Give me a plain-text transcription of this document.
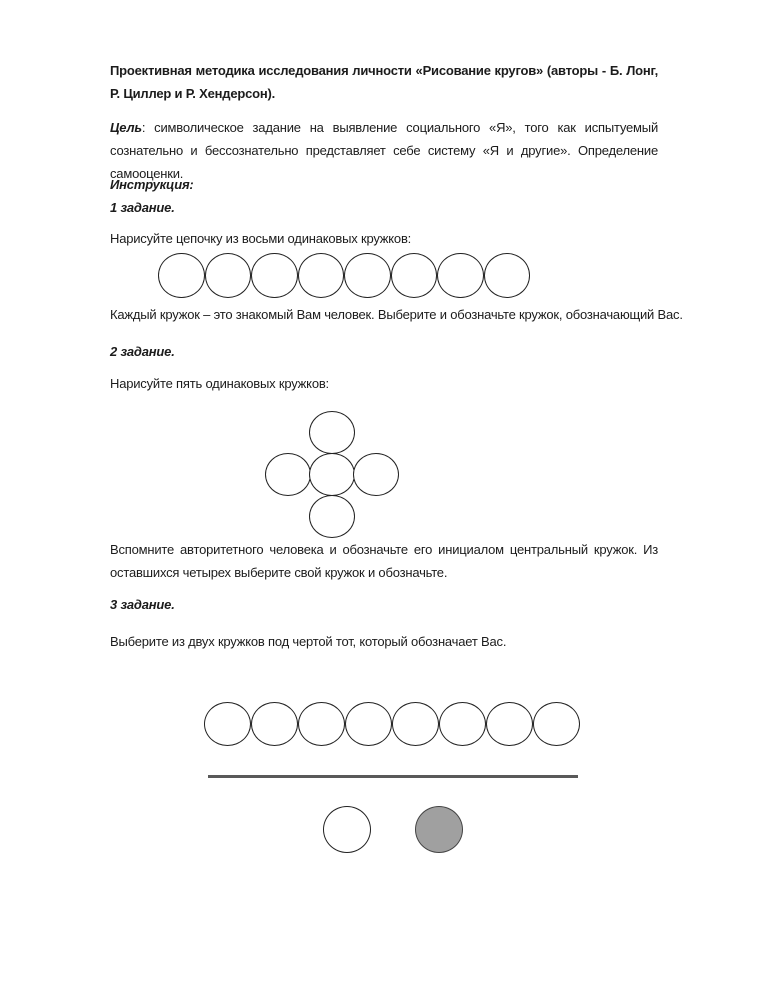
Проективная методика исследования личности «Рисование кругов» (авторы - Б. Лонг, Р. Циллер и Р. Хендерсон).

Цель: символическое задание на выявление социального «Я», того как испытуемый сознательно и бессознательно представляет себе систему «Я и другие». Определение самооценки.

Инструкция:

1 задание.

Нарисуйте цепочку из восьми одинаковых кружков:

Каждый кружок – это знакомый Вам человек. Выберите и обозначьте кружок, обозначающий Вас.

2 задание.

Нарисуйте пять одинаковых кружков:

Вспомните авторитетного человека и обозначьте его инициалом центральный кружок. Из оставшихся четырех выберите свой кружок и обозначьте.

3 задание.

Выберите из двух кружков под чертой тот, который обозначает Вас.
